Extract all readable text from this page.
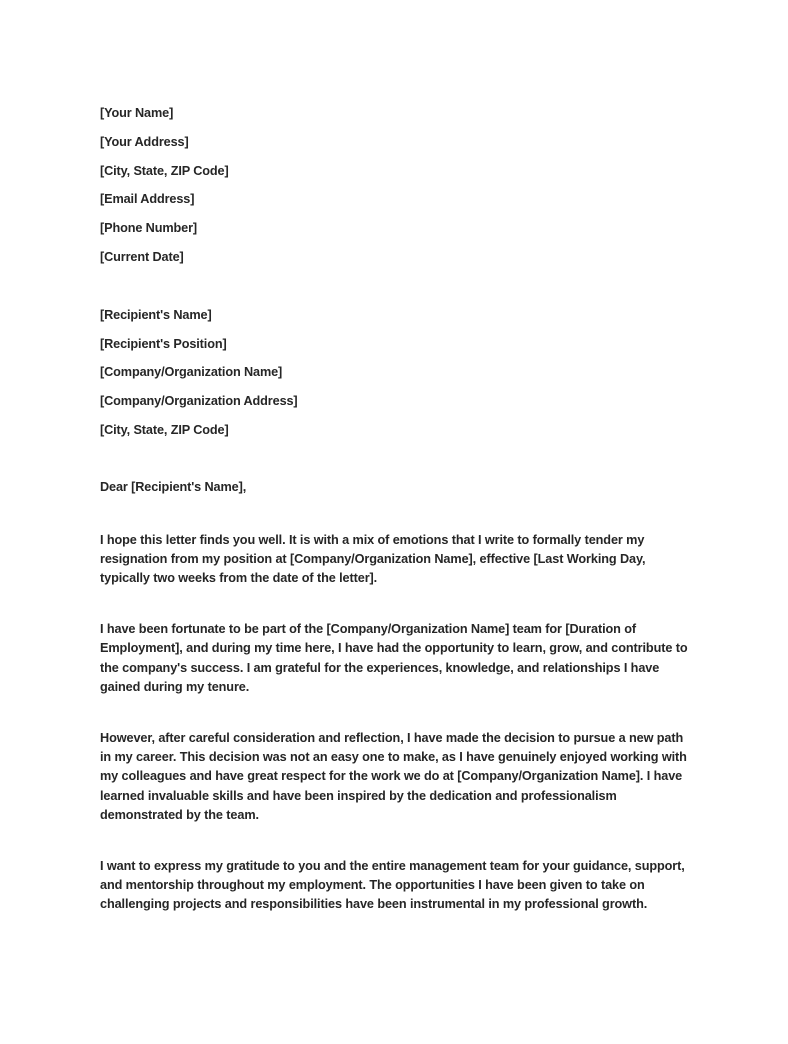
[Your Name]
[Your Address]
[City, State, ZIP Code]
[Email Address]
[Phone Number]
[Current Date]
[Recipient's Name]
[Recipient's Position]
[Company/Organization Name]
[Company/Organization Address]
[City, State, ZIP Code]
Dear [Recipient's Name],

I hope this letter finds you well. It is with a mix of emotions that I write to formally tender my resignation from my position at [Company/Organization Name], effective [Last Working Day, typically two weeks from the date of the letter].

I have been fortunate to be part of the [Company/Organization Name] team for [Duration of Employment], and during my time here, I have had the opportunity to learn, grow, and contribute to the company's success. I am grateful for the experiences, knowledge, and relationships I have gained during my tenure.

However, after careful consideration and reflection, I have made the decision to pursue a new path in my career. This decision was not an easy one to make, as I have genuinely enjoyed working with my colleagues and have great respect for the work we do at [Company/Organization Name]. I have learned invaluable skills and have been inspired by the dedication and professionalism demonstrated by the team.

I want to express my gratitude to you and the entire management team for your guidance, support, and mentorship throughout my employment. The opportunities I have been given to take on challenging projects and responsibilities have been instrumental in my professional growth.
